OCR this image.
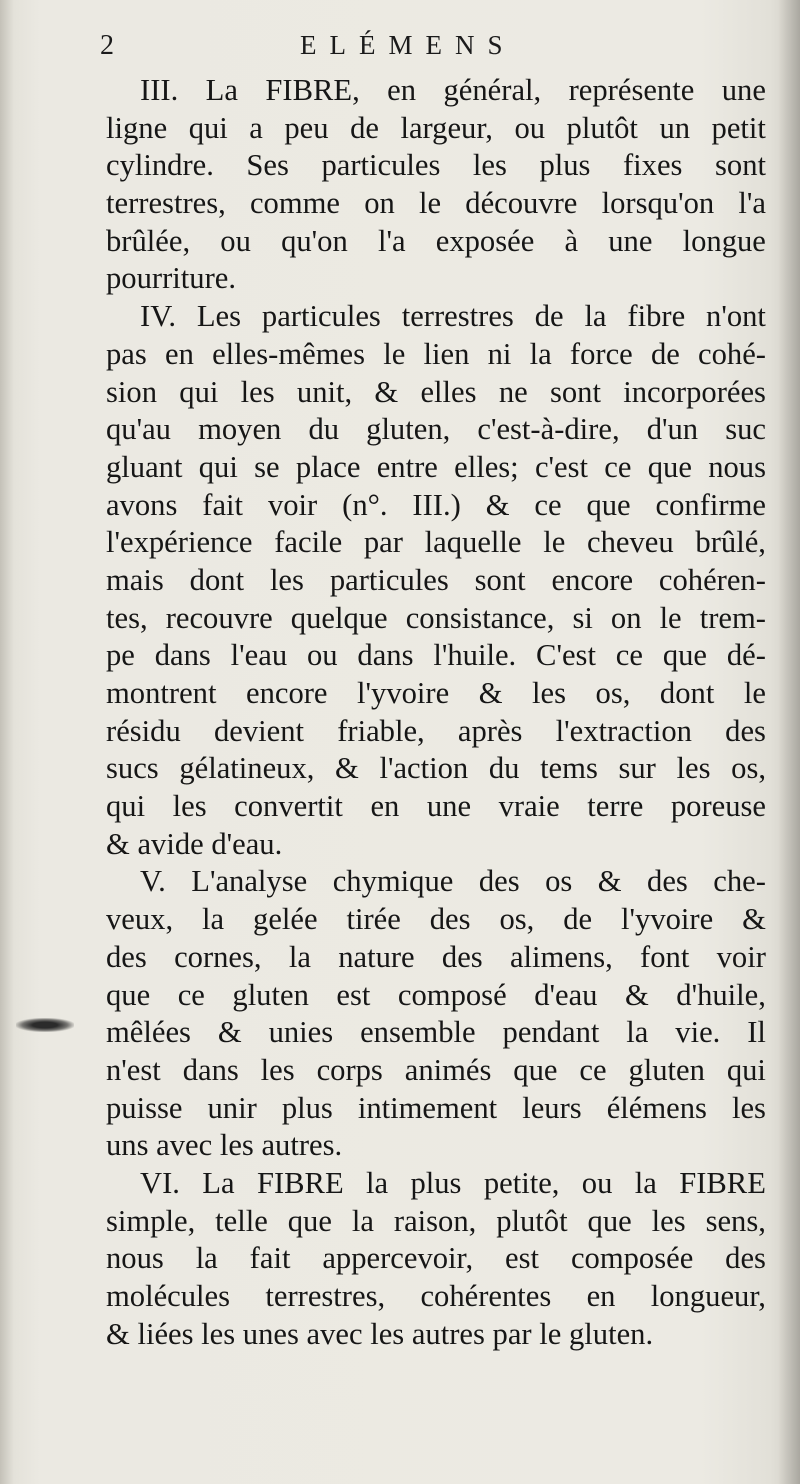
2	ELÉMENS
III. La FIBRE, en général, représente une
ligne qui a peu de largeur, ou plutôt un petit
cylindre. Ses particules les plus fixes sont
terrestres, comme on le découvre lorsqu'on l'a
brûlée, ou qu'on l'a exposée à une longue
pourriture.
IV. Les particules terrestres de la fibre n'ont
pas en elles-mêmes le lien ni la force de cohé-
sion qui les unit, & elles ne sont incorporées
qu'au moyen du gluten, c'est-à-dire, d'un suc
gluant qui se place entre elles; c'est ce que nous
avons fait voir (n°. III.) & ce que confirme
l'expérience facile par laquelle le cheveu brûlé,
mais dont les particules sont encore cohéren-
tes, recouvre quelque consistance, si on le trem-
pe dans l'eau ou dans l'huile. C'est ce que dé-
montrent encore l'yvoire & les os, dont le
résidu devient friable, après l'extraction des
sucs gélatineux, & l'action du tems sur les os,
qui les convertit en une vraie terre poreuse
& avide d'eau.
V. L'analyse chymique des os & des che-
veux, la gelée tirée des os, de l'yvoire &
des cornes, la nature des alimens, font voir
que ce gluten est composé d'eau & d'huile,
mêlées & unies ensemble pendant la vie. Il
n'est dans les corps animés que ce gluten qui
puisse unir plus intimement leurs élémens les
uns avec les autres.
VI. La FIBRE la plus petite, ou la FIBRE
simple, telle que la raison, plutôt que les sens,
nous la fait appercevoir, est composée des
molécules terrestres, cohérentes en longueur,
& liées les unes avec les autres par le gluten.
